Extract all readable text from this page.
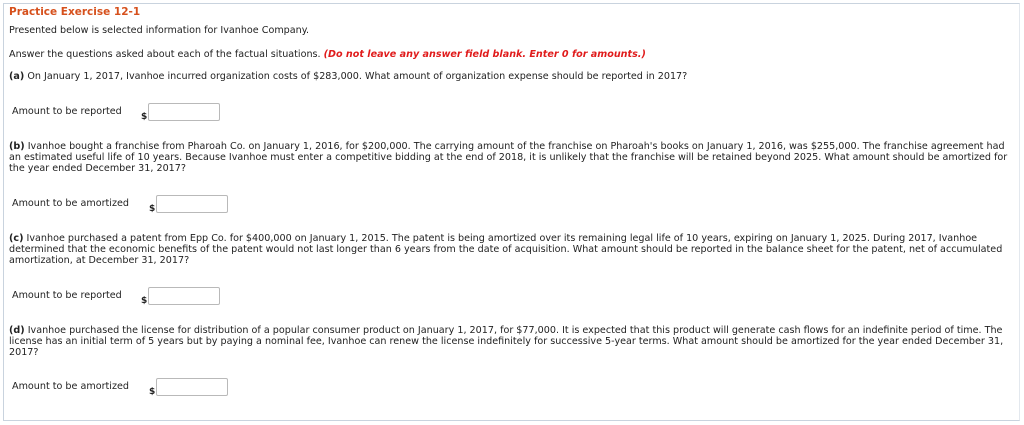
Practice Exercise 12-1

Presented below is selected information for Ivanhoe Company.

Answer the questions asked about each of the factual situations. (Do not leave any answer field blank. Enter 0 for amounts.)

(a) On January 1, 2017, Ivanhoe incurred organization costs of $283,000. What amount of organization expense should be reported in 2017?

Amount to be reported $

(b) Ivanhoe bought a franchise from Pharoah Co. on January 1, 2016, for $200,000. The carrying amount of the franchise on Pharoah's books on January 1, 2016, was $255,000. The franchise agreement had an estimated useful life of 10 years. Because Ivanhoe must enter a competitive bidding at the end of 2018, it is unlikely that the franchise will be retained beyond 2025. What amount should be amortized for the year ended December 31, 2017?

Amount to be amortized $

(c) Ivanhoe purchased a patent from Epp Co. for $400,000 on January 1, 2015. The patent is being amortized over its remaining legal life of 10 years, expiring on January 1, 2025. During 2017, Ivanhoe determined that the economic benefits of the patent would not last longer than 6 years from the date of acquisition. What amount should be reported in the balance sheet for the patent, net of accumulated amortization, at December 31, 2017?

Amount to be reported $

(d) Ivanhoe purchased the license for distribution of a popular consumer product on January 1, 2017, for $77,000. It is expected that this product will generate cash flows for an indefinite period of time. The license has an initial term of 5 years but by paying a nominal fee, Ivanhoe can renew the license indefinitely for successive 5-year terms. What amount should be amortized for the year ended December 31, 2017?

Amount to be amortized $
